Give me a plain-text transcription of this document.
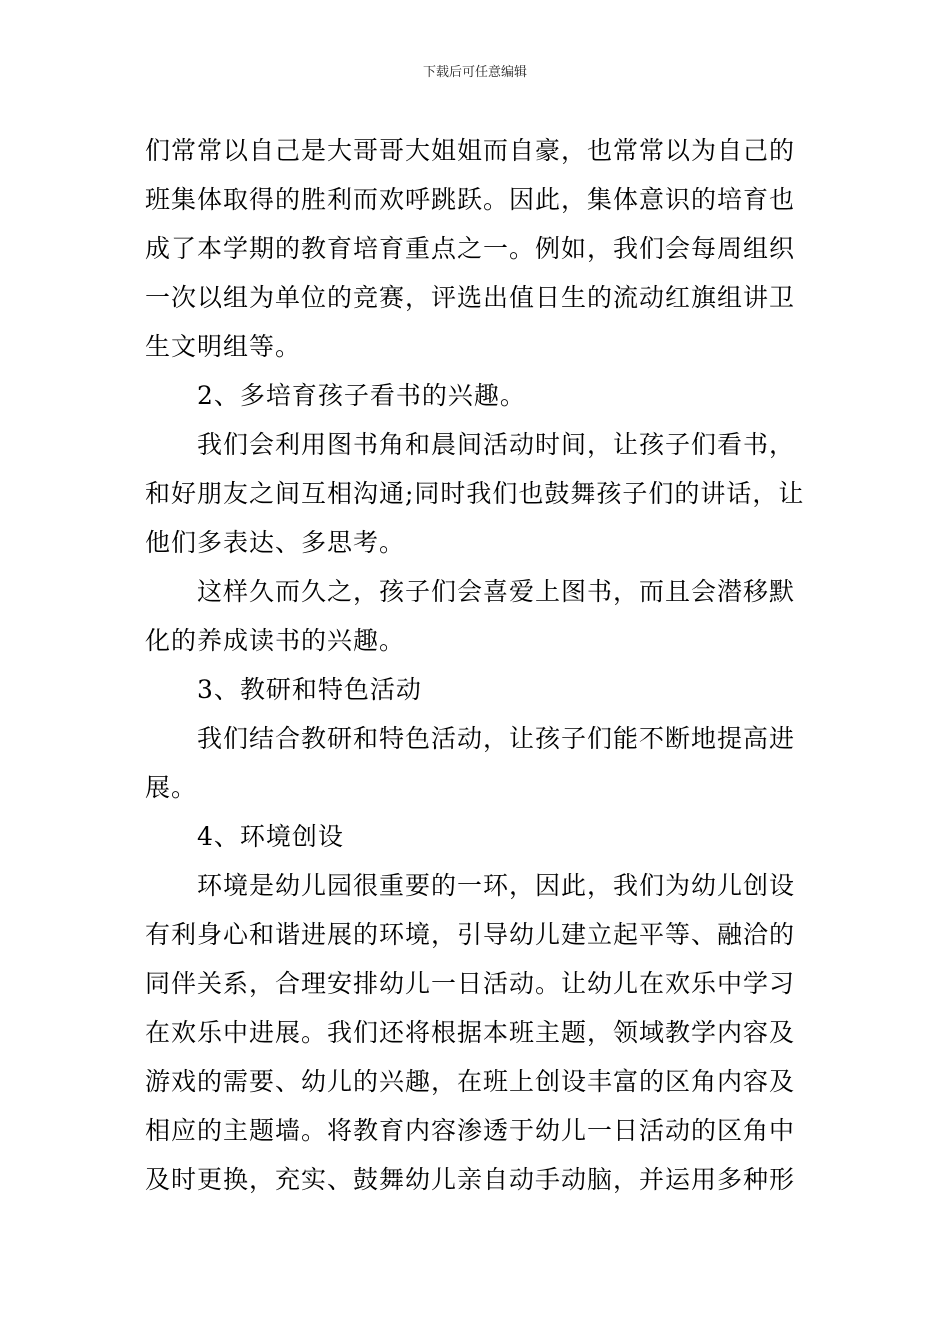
下载后可任意编辑
们常常以自己是大哥哥大姐姐而自豪，也常常以为自己的
班集体取得的胜利而欢呼跳跃。因此，集体意识的培育也
成了本学期的教育培育重点之一。例如，我们会每周组织
一次以组为单位的竞赛，评选出值日生的流动红旗组讲卫
生文明组等。
2、多培育孩子看书的兴趣。
我们会利用图书角和晨间活动时间，让孩子们看书，
和好朋友之间互相沟通;同时我们也鼓舞孩子们的讲话，让
他们多表达、多思考。
这样久而久之，孩子们会喜爱上图书，而且会潜移默
化的养成读书的兴趣。
3、教研和特色活动
我们结合教研和特色活动，让孩子们能不断地提高进
展。
4、环境创设
环境是幼儿园很重要的一环，因此，我们为幼儿创设
有利身心和谐进展的环境，引导幼儿建立起平等、融洽的
同伴关系，合理安排幼儿一日活动。让幼儿在欢乐中学习
在欢乐中进展。我们还将根据本班主题，领域教学内容及
游戏的需要、幼儿的兴趣，在班上创设丰富的区角内容及
相应的主题墙。将教育内容渗透于幼儿一日活动的区角中
及时更换，充实、鼓舞幼儿亲自动手动脑，并运用多种形
